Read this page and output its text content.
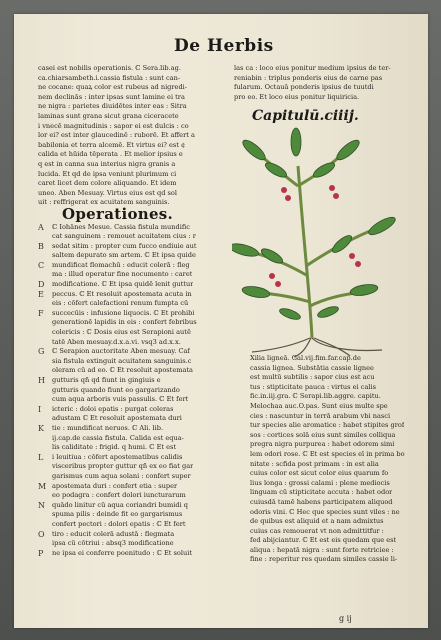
De Herbis
casei est nobilis operationis. ℂ Sera.lib.ag.
ca.chiarsambeth.i.cassia fistula : sunt can-
ne cocane: quaꝝ color est rubeus ad nigredi-
nem declinās : inter ipsas sunt lamine ei tra
ne nigra : parietes diuidētes inter eas : Sitra
laminas sunt grana sicut grana ciceracete
i vnecē magnitudinis : sapor ei est dulcis : co
lor ei? est inter glaucedinē : ruborē. Et affert a
babilonia et terra alcemē. Et virtus ei? est ¢
calida et hūida tēperata . Et melior ipsius e
q est in canna sua interius nigra granis a
lucida. Et qd de ipsa veniunt plurimum ci
caret licet dem colore aliquando. Et idem
uneo. Aben Mesuay. Virtus eius est qd sol
uit : reffrigerat ex acuitatem sanguinis.
Operationes.
A	ℂ Iohānes Mesue. Cassia fistula mundific
cat sanguinem : remouet acuitatem cius : r
B	sedat sitim : propter cum fucco endiuie aut
saltem depurato sm artem. ℂ Et ipsa quide
C	mundificat flomachū : educit colerā : fleg
ma : illud operatur fine nocumento : caret
D	modificatione. ℂ Et ipsa quidē lenit guttur
E	peccus. ℂ Et resoluit apostemata acuta in
eis : cōfert calefactioni renum fumpta cū
F	succecūis : infusione liquocis. ℂ Et prohibi
generationē lapidis in eis : confert febribus
colericis : ℂ Dosis eius est Serapioni autē
tatē Aben mesuay.d.x.a.vi. vsq3 ad.x.x.
G	ℂ Serapion auctoritate Aben mesuay. Caf
sia fistula extinguit acuitatem sanguinis.c
oleram cū ad eo. ℂ Et resoluit apostemata
H	gutturis qñ qd fiunt in gingiuis e
gutturis quando fiunt eo gargarizando
cum aqua arboris vuis passulis. ℂ Et fert
I	icteric : doloi epatis : purgat coleras
adustam ℂ Et resoluit apostemata duri
K	tie : mundificat neruos. ℂ Ali. lib.
ij.cap.de cassia fistula. Calida est equa-
lis caliditate : frigid. q humi. ℂ Et est
L	i leuitiua : cōfert apostematibus calidis
visceribus propter guttur qñ ex eo fiat gar
garismus cum aqua solani : confert super
M apostemata duri : confert etia : super
eo podagra : confert dolori iuncturarum
N	quādo linitur cū aqua coriandri bumidi q
spuma pilis : deinde fit eo gargarismus
confert pectori : dolori epatis : ℂ Et fert
O	tiro : educit colerā adustā : flegmata
ipsa cū cōtriui : absq3 modificatione
P	ne ipsa ei conferre poenitudo : ℂ Et soluit
las ca : loco eius ponitur medium ipsius de ter-
reniabin : triplus ponderis eius de carne pas
fularum. Octauā ponderis ipsius de tuutdi
pro eo. Et loco eius ponitur liquiricia.
Capitulū.ciiij.
Xilia ligneā. Gal.vij.fim.far.cap.de
cassia lignea. Substātia cassie lignee
est multū subtilis : sapor cius est acu
tus : stipticitate pauca : virtus ei calis
fic.in.iij.gra. ℂ Serapi.lib.aggre. capitu.
Melochaa auc.O.pas. Sunt eius multe spe
cies : nascuntur in terrā arabum vbi nasci
tur species alie aromatice : habet stipites grof
sos : cortices solā eius sunt similes colliqua
pregra nigra purpurea : habet odorem simi
lem odori rose. ℂ Et est species eī in prima bo
nitate : scfida post primam : in est alia
cuius color est sicut color eius quarum fo
lius longa : grossi calami : plene mediocis
linguam cū stipticitate accuta : habet odor
cuiusdā tamē habens participatem aliquod
odoris vini. ℂ Hec que species sunt viles : ne
de quibus est aliquid et a nam admixtus
cuius cas remouerat vt non admittitfur :
fed abijciantur. ℂ Et est eis quedam que est
aliqua : hepatā nigra : sunt forte retriciee :
fine : reperitur res quedam similes cassie li-
g ij
